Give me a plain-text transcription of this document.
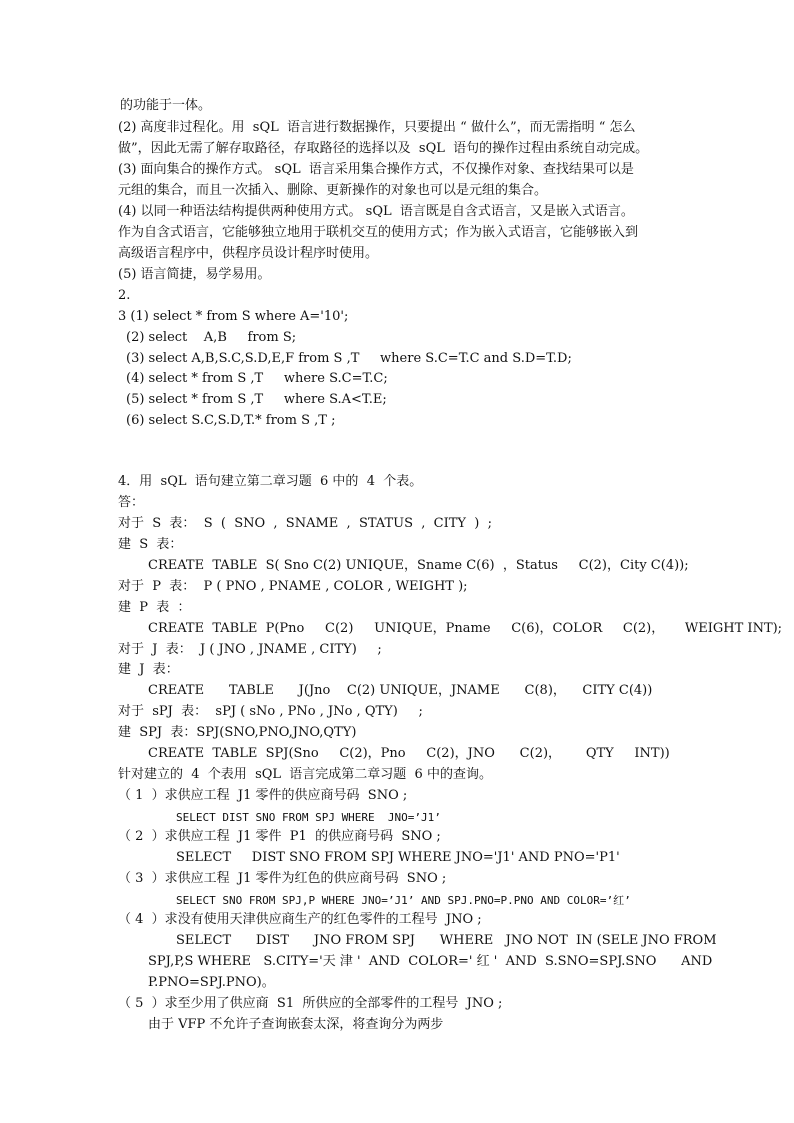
的功能于一体。
(2) 高度非过程化。用  sQL  语言进行数据操作，只要提出 “ 做什么”，而无需指明 “ 怎么
做”，因此无需了解存取路径，存取路径的选择以及  sQL  语句的操作过程由系统自动完成。
(3) 面向集合的操作方式。 sQL  语言采用集合操作方式，不仅操作对象、查找结果可以是
元组的集合，而且一次插入、删除、更新操作的对象也可以是元组的集合。
(4) 以同一种语法结构提供两种使用方式。 sQL  语言既是自含式语言，又是嵌入式语言。
作为自含式语言，它能够独立地用于联机交互的使用方式；作为嵌入式语言，它能够嵌入到
高级语言程序中，供程序员设计程序时使用。
(5) 语言简捷，易学易用。
2.
3 (1) select * from S where A='10';
(2) select    A,B     from S;
(3) select A,B,S.C,S.D,E,F from S ,T     where S.C=T.C and S.D=T.D;
(4) select * from S ,T     where S.C=T.C;
(5) select * from S ,T     where S.A<T.E;
(6) select S.C,S.D,T.* from S ,T ;
4．用  sQL  语句建立第二章习题  6 中的  4  个表。
答：
对于  S  表：  S  (  SNO  ,  SNAME  ,  STATUS  ,  CITY  )  ;
建  S  表：
CREATE  TABLE  S( Sno C(2) UNIQUE，Sname C(6)  ，Status     C(2)，City C(4));
对于  P  表：  P ( PNO , PNAME , COLOR , WEIGHT );
建  P  表  ：
CREATE  TABLE  P(Pno     C(2)     UNIQUE，Pname     C(6)，COLOR     C(2)，     WEIGHT INT);
对于  J  表：  J ( JNO , JNAME , CITY)     ;
建  J  表：
CREATE      TABLE      J(Jno    C(2) UNIQUE，JNAME      C(8)，    CITY C(4))
对于  sPJ  表：  sPJ ( sNo , PNo , JNo , QTY)     ;
建  SPJ  表：SPJ(SNO,PNO,JNO,QTY)
CREATE  TABLE  SPJ(Sno     C(2)，Pno     C(2)，JNO      C(2)，      QTY     INT))
针对建立的  4  个表用  sQL  语言完成第二章习题  6 中的查询。
（ 1  ）求供应工程  J1 零件的供应商号码  SNO ;
SELECT DIST SNO FROM SPJ WHERE  JNO=’J1’
（ 2  ）求供应工程  J1 零件  P1  的供应商号码  SNO ;
SELECT     DIST SNO FROM SPJ WHERE JNO='J1' AND PNO='P1'
（ 3  ）求供应工程  J1 零件为红色的供应商号码  SNO ;
SELECT SNO FROM SPJ,P WHERE JNO=’J1’ AND SPJ.PNO=P.PNO AND COLOR=’红’
（ 4  ）求没有使用天津供应商生产的红色零件的工程号  JNO ;
SELECT      DIST      JNO FROM SPJ      WHERE   JNO NOT  IN (SELE JNO FROM
SPJ,P,S WHERE   S.CITY='天 津 '  AND  COLOR=' 红 '  AND  S.SNO=SPJ.SNO      AND
P.PNO=SPJ.PNO)。
（ 5  ）求至少用了供应商  S1  所供应的全部零件的工程号  JNO ;
由于 VFP 不允许子查询嵌套太深，将查询分为两步
